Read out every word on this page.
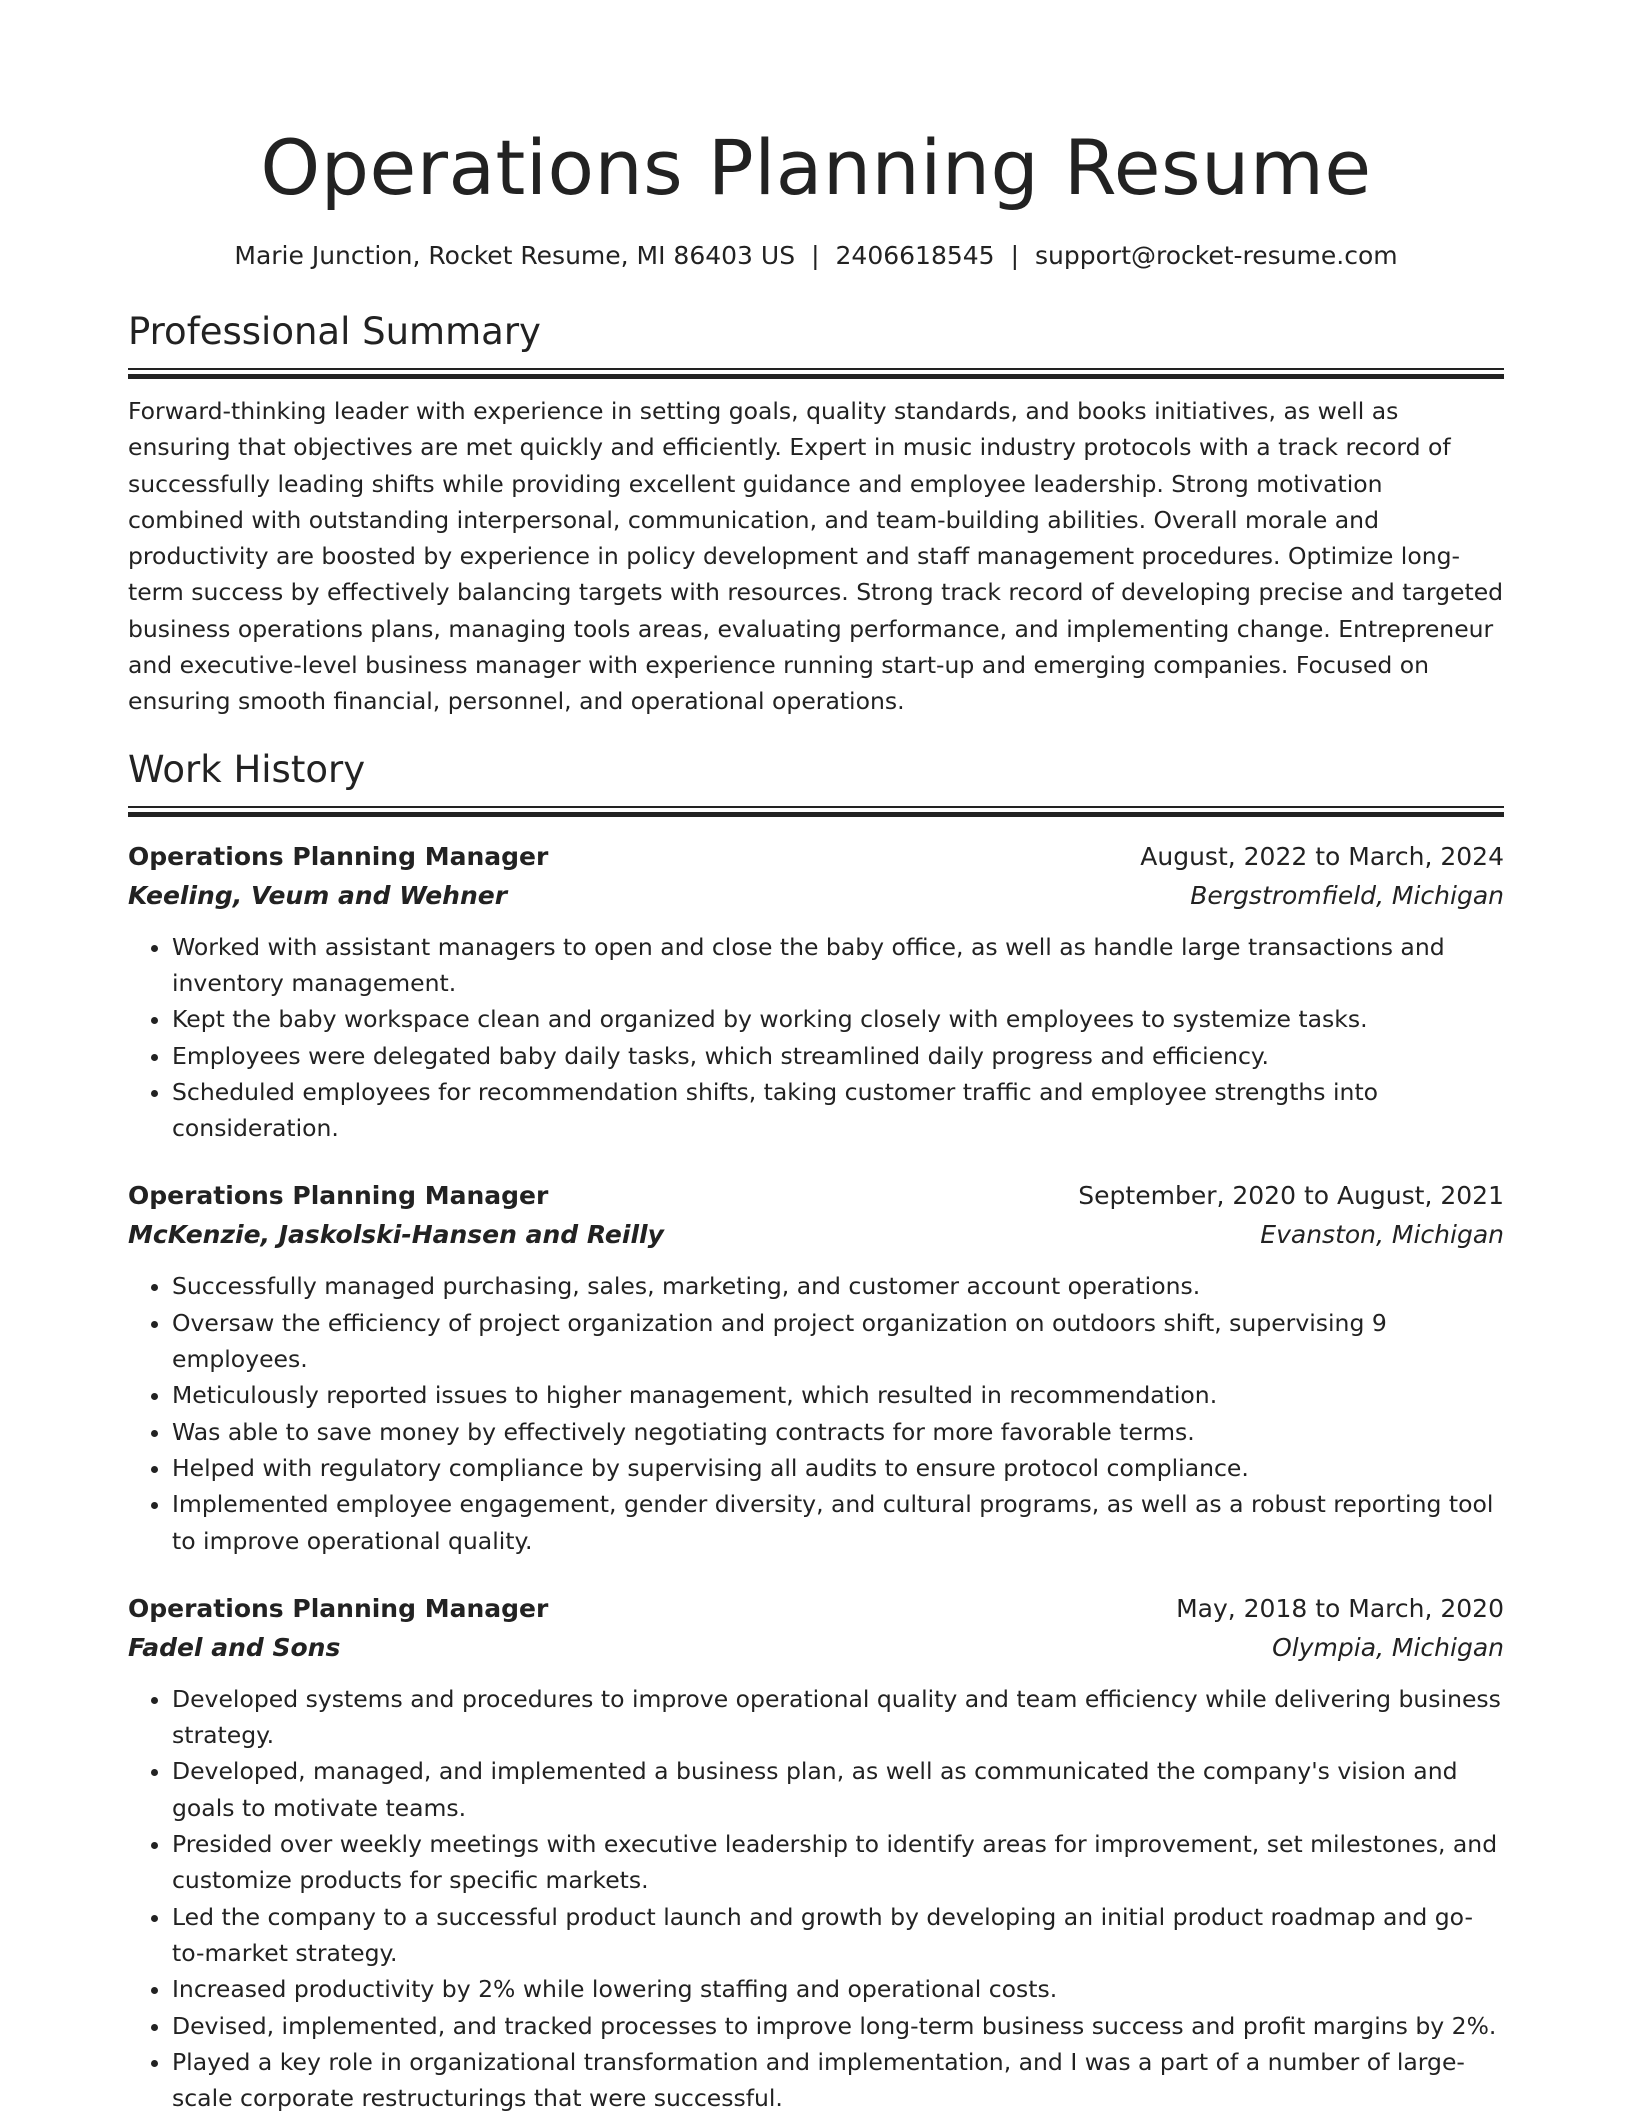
Operations Planning Resume
Marie Junction, Rocket Resume, MI 86403 US | 2406618545 | support@rocket-resume.com
Professional Summary

Forward-thinking leader with experience in setting goals, quality standards, and books initiatives, as well as ensuring that objectives are met quickly and efficiently. Expert in music industry protocols with a track record of successfully leading shifts while providing excellent guidance and employee leadership. Strong motivation combined with outstanding interpersonal, communication, and team-building abilities. Overall morale and productivity are boosted by experience in policy development and staff management procedures. Optimize long-term success by effectively balancing targets with resources. Strong track record of developing precise and targeted business operations plans, managing tools areas, evaluating performance, and implementing change. Entrepreneur and executive-level business manager with experience running start-up and emerging companies. Focused on ensuring smooth financial, personnel, and operational operations.

Work History
Operations Planning Manager	August, 2022 to March, 2024
Keeling, Veum and Wehner	Bergstromfield, Michigan
• Worked with assistant managers to open and close the baby office, as well as handle large transactions and inventory management.
• Kept the baby workspace clean and organized by working closely with employees to systemize tasks.
• Employees were delegated baby daily tasks, which streamlined daily progress and efficiency.
• Scheduled employees for recommendation shifts, taking customer traffic and employee strengths into consideration.
Operations Planning Manager	September, 2020 to August, 2021
McKenzie, Jaskolski-Hansen and Reilly	Evanston, Michigan
• Successfully managed purchasing, sales, marketing, and customer account operations.
• Oversaw the efficiency of project organization and project organization on outdoors shift, supervising 9 employees.
• Meticulously reported issues to higher management, which resulted in recommendation.
• Was able to save money by effectively negotiating contracts for more favorable terms.
• Helped with regulatory compliance by supervising all audits to ensure protocol compliance.
• Implemented employee engagement, gender diversity, and cultural programs, as well as a robust reporting tool to improve operational quality.
Operations Planning Manager	May, 2018 to March, 2020
Fadel and Sons	Olympia, Michigan
• Developed systems and procedures to improve operational quality and team efficiency while delivering business strategy.
• Developed, managed, and implemented a business plan, as well as communicated the company's vision and goals to motivate teams.
• Presided over weekly meetings with executive leadership to identify areas for improvement, set milestones, and customize products for specific markets.
• Led the company to a successful product launch and growth by developing an initial product roadmap and go-to-market strategy.
• Increased productivity by 2% while lowering staffing and operational costs.
• Devised, implemented, and tracked processes to improve long-term business success and profit margins by 2%.
• Played a key role in organizational transformation and implementation, and I was a part of a number of large-scale corporate restructurings that were successful.
